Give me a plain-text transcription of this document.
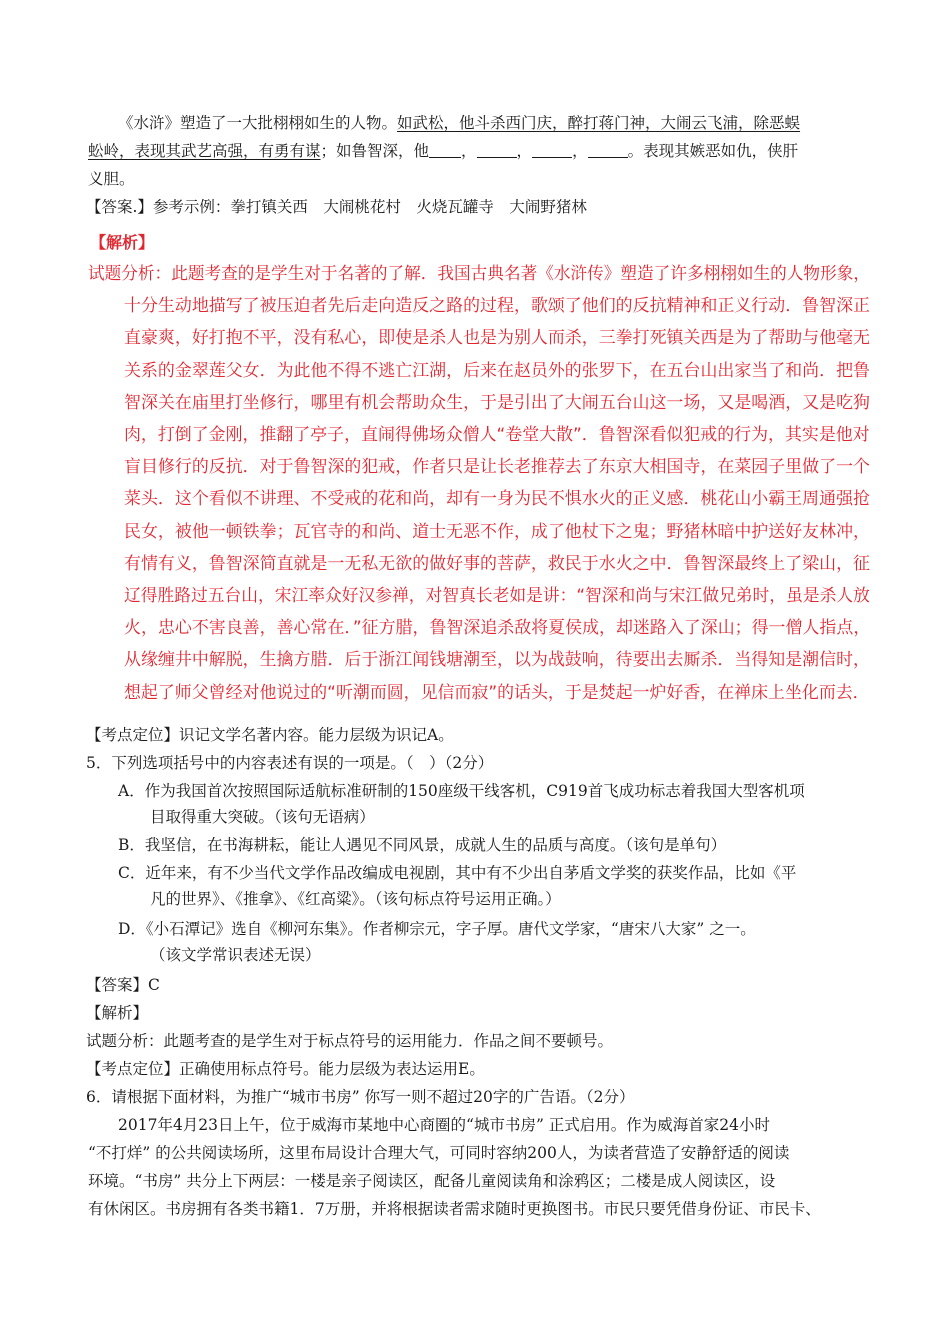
《水浒》塑造了一大批栩栩如生的人物。如武松，他斗杀西门庆，醉打蒋门神，大闹云飞浦，除恶蜈
蚣岭，表现其武艺高强，有勇有谋；如鲁智深，他 ，	，	，	。表现其嫉恶如仇，侠肝
义胆。
【答案.】参考示例：拳打镇关西　大闹桃花村　火烧瓦罐寺　大闹野猪林
【解析】
试题分析：此题考查的是学生对于名著的了解．我国古典名著《水浒传》塑造了许多栩栩如生的人物形象，
十分生动地描写了被压迫者先后走向造反之路的过程，歌颂了他们的反抗精神和正义行动．鲁智深正
直豪爽，好打抱不平，没有私心，即使是杀人也是为别人而杀，三拳打死镇关西是为了帮助与他毫无
关系的金翠莲父女．为此他不得不逃亡江湖，后来在赵员外的张罗下，在五台山出家当了和尚．把鲁
智深关在庙里打坐修行，哪里有机会帮助众生，于是引出了大闹五台山这一场，又是喝酒，又是吃狗
肉，打倒了金刚，推翻了亭子，直闹得佛场众僧人“卷堂大散”．鲁智深看似犯戒的行为，其实是他对
盲目修行的反抗．对于鲁智深的犯戒，作者只是让长老推荐去了东京大相国寺，在菜园子里做了一个
菜头．这个看似不讲理、不受戒的花和尚，却有一身为民不惧水火的正义感．桃花山小霸王周通强抢
民女，被他一顿铁拳；瓦官寺的和尚、道士无恶不作，成了他杖下之鬼；野猪林暗中护送好友林冲，
有情有义，鲁智深简直就是一无私无欲的做好事的菩萨，救民于水火之中．鲁智深最终上了梁山，征
辽得胜路过五台山，宋江率众好汉参禅，对智真长老如是讲：“智深和尚与宋江做兄弟时，虽是杀人放
火，忠心不害良善，善心常在．”征方腊，鲁智深追杀敌将夏侯成，却迷路入了深山；得一僧人指点，
从缘缠井中解脱，生擒方腊．后于浙江闻钱塘潮至，以为战鼓响，待要出去厮杀．当得知是潮信时，
想起了师父曾经对他说过的“听潮而圆，见信而寂”的话头，于是焚起一炉好香，在禅床上坐化而去．
【考点定位】识记文学名著内容。能力层级为识记A。
5．下列选项括号中的内容表述有误的一项是。（　）（2分）
A．作为我国首次按照国际适航标准研制的150座级干线客机，C919首飞成功标志着我国大型客机项
目取得重大突破。（该句无语病）
B．我坚信，在书海耕耘，能让人遇见不同风景，成就人生的品质与高度。（该句是单句）
C．近年来，有不少当代文学作品改编成电视剧，其中有不少出自茅盾文学奖的获奖作品，比如《平
凡的世界》、《推拿》、《红高粱》。（该句标点符号运用正确。）
D．《小石潭记》选自《柳河东集》。作者柳宗元，字子厚。唐代文学家，“唐宋八大家” 之一。
（该文学常识表述无误）
【答案】C
【解析】
试题分析：此题考查的是学生对于标点符号的运用能力．作品之间不要顿号。
【考点定位】正确使用标点符号。能力层级为表达运用E。
6．请根据下面材料，为推广“城市书房” 你写一则不超过20字的广告语。（2分）
2017年4月23日上午，位于威海市某地中心商圈的“城市书房” 正式启用。作为威海首家24小时
“不打烊” 的公共阅读场所，这里布局设计合理大气，可同时容纳200人，为读者营造了安静舒适的阅读
环境。“书房” 共分上下两层：一楼是亲子阅读区，配备儿童阅读角和涂鸦区；二楼是成人阅读区，设
有休闲区。书房拥有各类书籍1．7万册，并将根据读者需求随时更换图书。市民只要凭借身份证、市民卡、
